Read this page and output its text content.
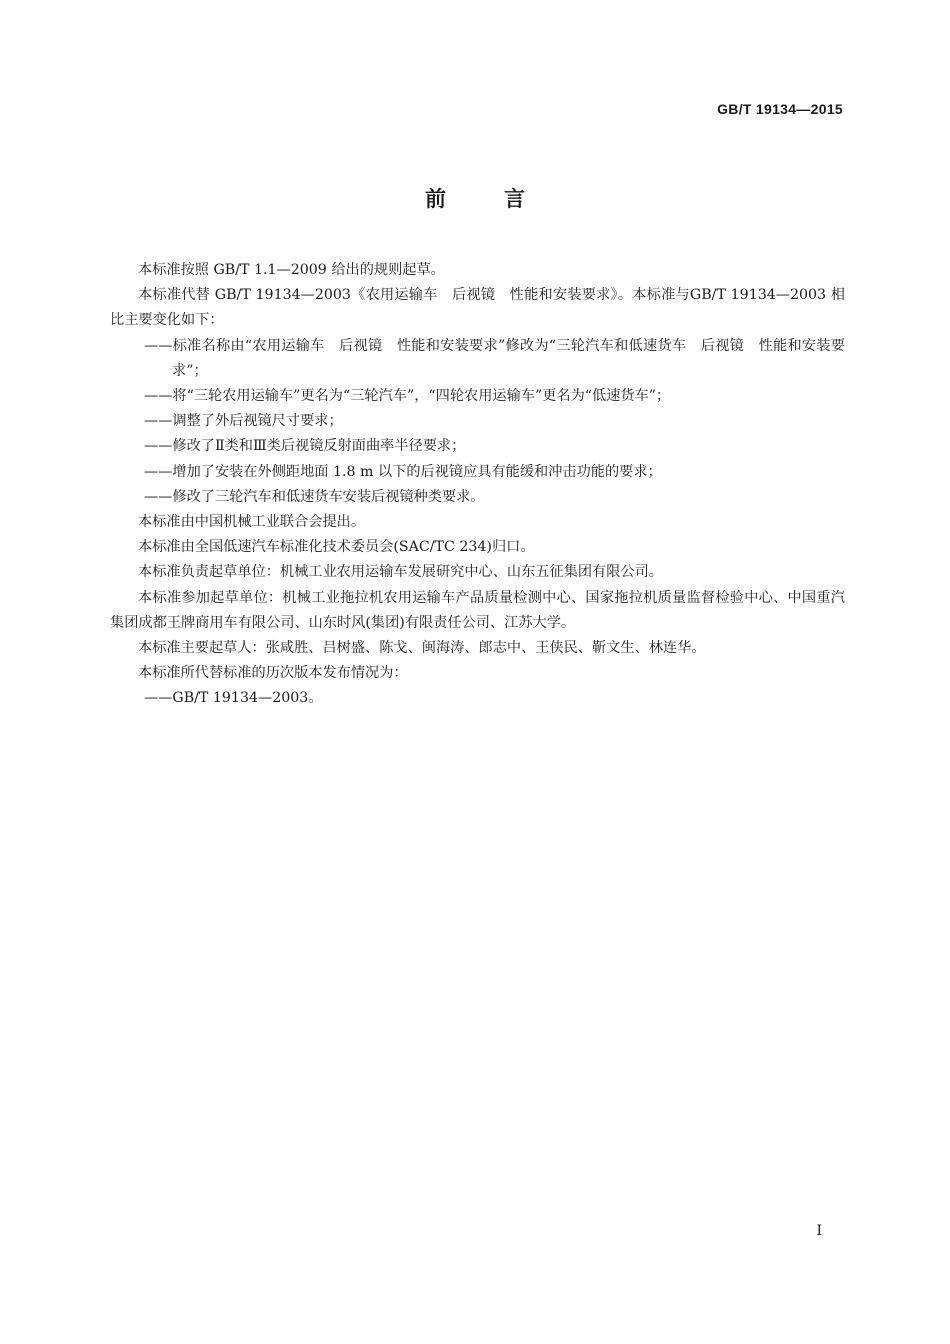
GB/T 19134—2015
前言

本标准按照 GB/T 1.1—2009 给出的规则起草。

本标准代替 GB/T 19134—2003《农用运输车　后视镜　性能和安装要求》。本标准与GB/T 19134—2003 相比主要变化如下：

——标准名称由“农用运输车　后视镜　性能和安装要求”修改为“三轮汽车和低速货车　后视镜　性能和安装要求”；

——将“三轮农用运输车”更名为“三轮汽车”，“四轮农用运输车”更名为“低速货车”；

——调整了外后视镜尺寸要求；

——修改了Ⅱ类和Ⅲ类后视镜反射面曲率半径要求；

——增加了安装在外侧距地面 1.8 m 以下的后视镜应具有能缓和冲击功能的要求；

——修改了三轮汽车和低速货车安装后视镜种类要求。

本标准由中国机械工业联合会提出。

本标准由全国低速汽车标准化技术委员会(SAC/TC 234)归口。

本标准负责起草单位：机械工业农用运输车发展研究中心、山东五征集团有限公司。

本标准参加起草单位：机械工业拖拉机农用运输车产品质量检测中心、国家拖拉机质量监督检验中心、中国重汽集团成都王牌商用车有限公司、山东时风(集团)有限责任公司、江苏大学。

本标准主要起草人：张咸胜、吕树盛、陈戈、闽海涛、郎志中、王侠民、靳文生、林连华。

本标准所代替标准的历次版本发布情况为：

——GB/T 19134—2003。

I
